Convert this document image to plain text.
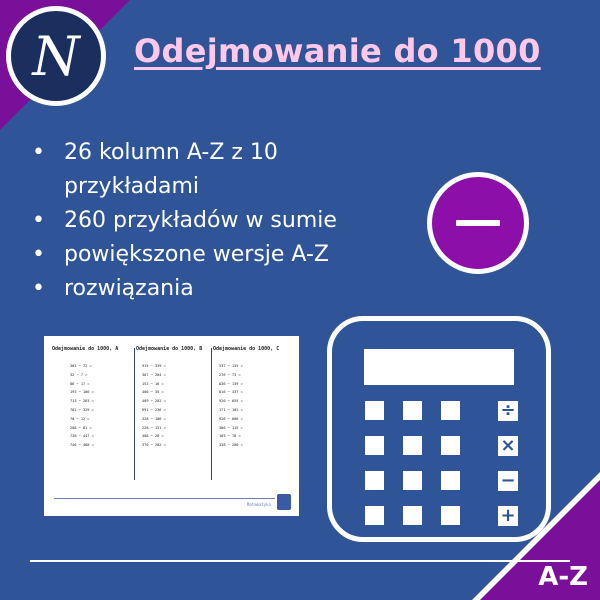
N Odejmowanie do 1000
• 26 kolumn A-Z z 10 przykładami
• 260 przykładów w sumie
• powiększone wersje A-Z
• rozwiązania
Odejmowanie do 1000, A
301 − 72 =
32 − 7 =
86 − 17 =
193 − 106 =
713 − 263 =
702 − 329 =
70 − 12 =
208 − 81 =
738 − 447 =
746 − 468 =
Odejmowanie do 1000, B
915 − 339 =
307 − 204 =
152 − 16 =
406 − 35 =
409 − 202 =
691 − 236 =
328 − 106 =
228 − 151 =
408 − 20 =
370 − 202 =
Odejmowanie do 1000, C
537 − 135 =
276 − 73 =
836 − 139 =
816 − 337 =
920 − 655 =
171 − 102 =
926 − 606 =
386 − 115 =
165 − 78 =
338 − 200 =
Matematyka
÷
×
−
+
A-Z
